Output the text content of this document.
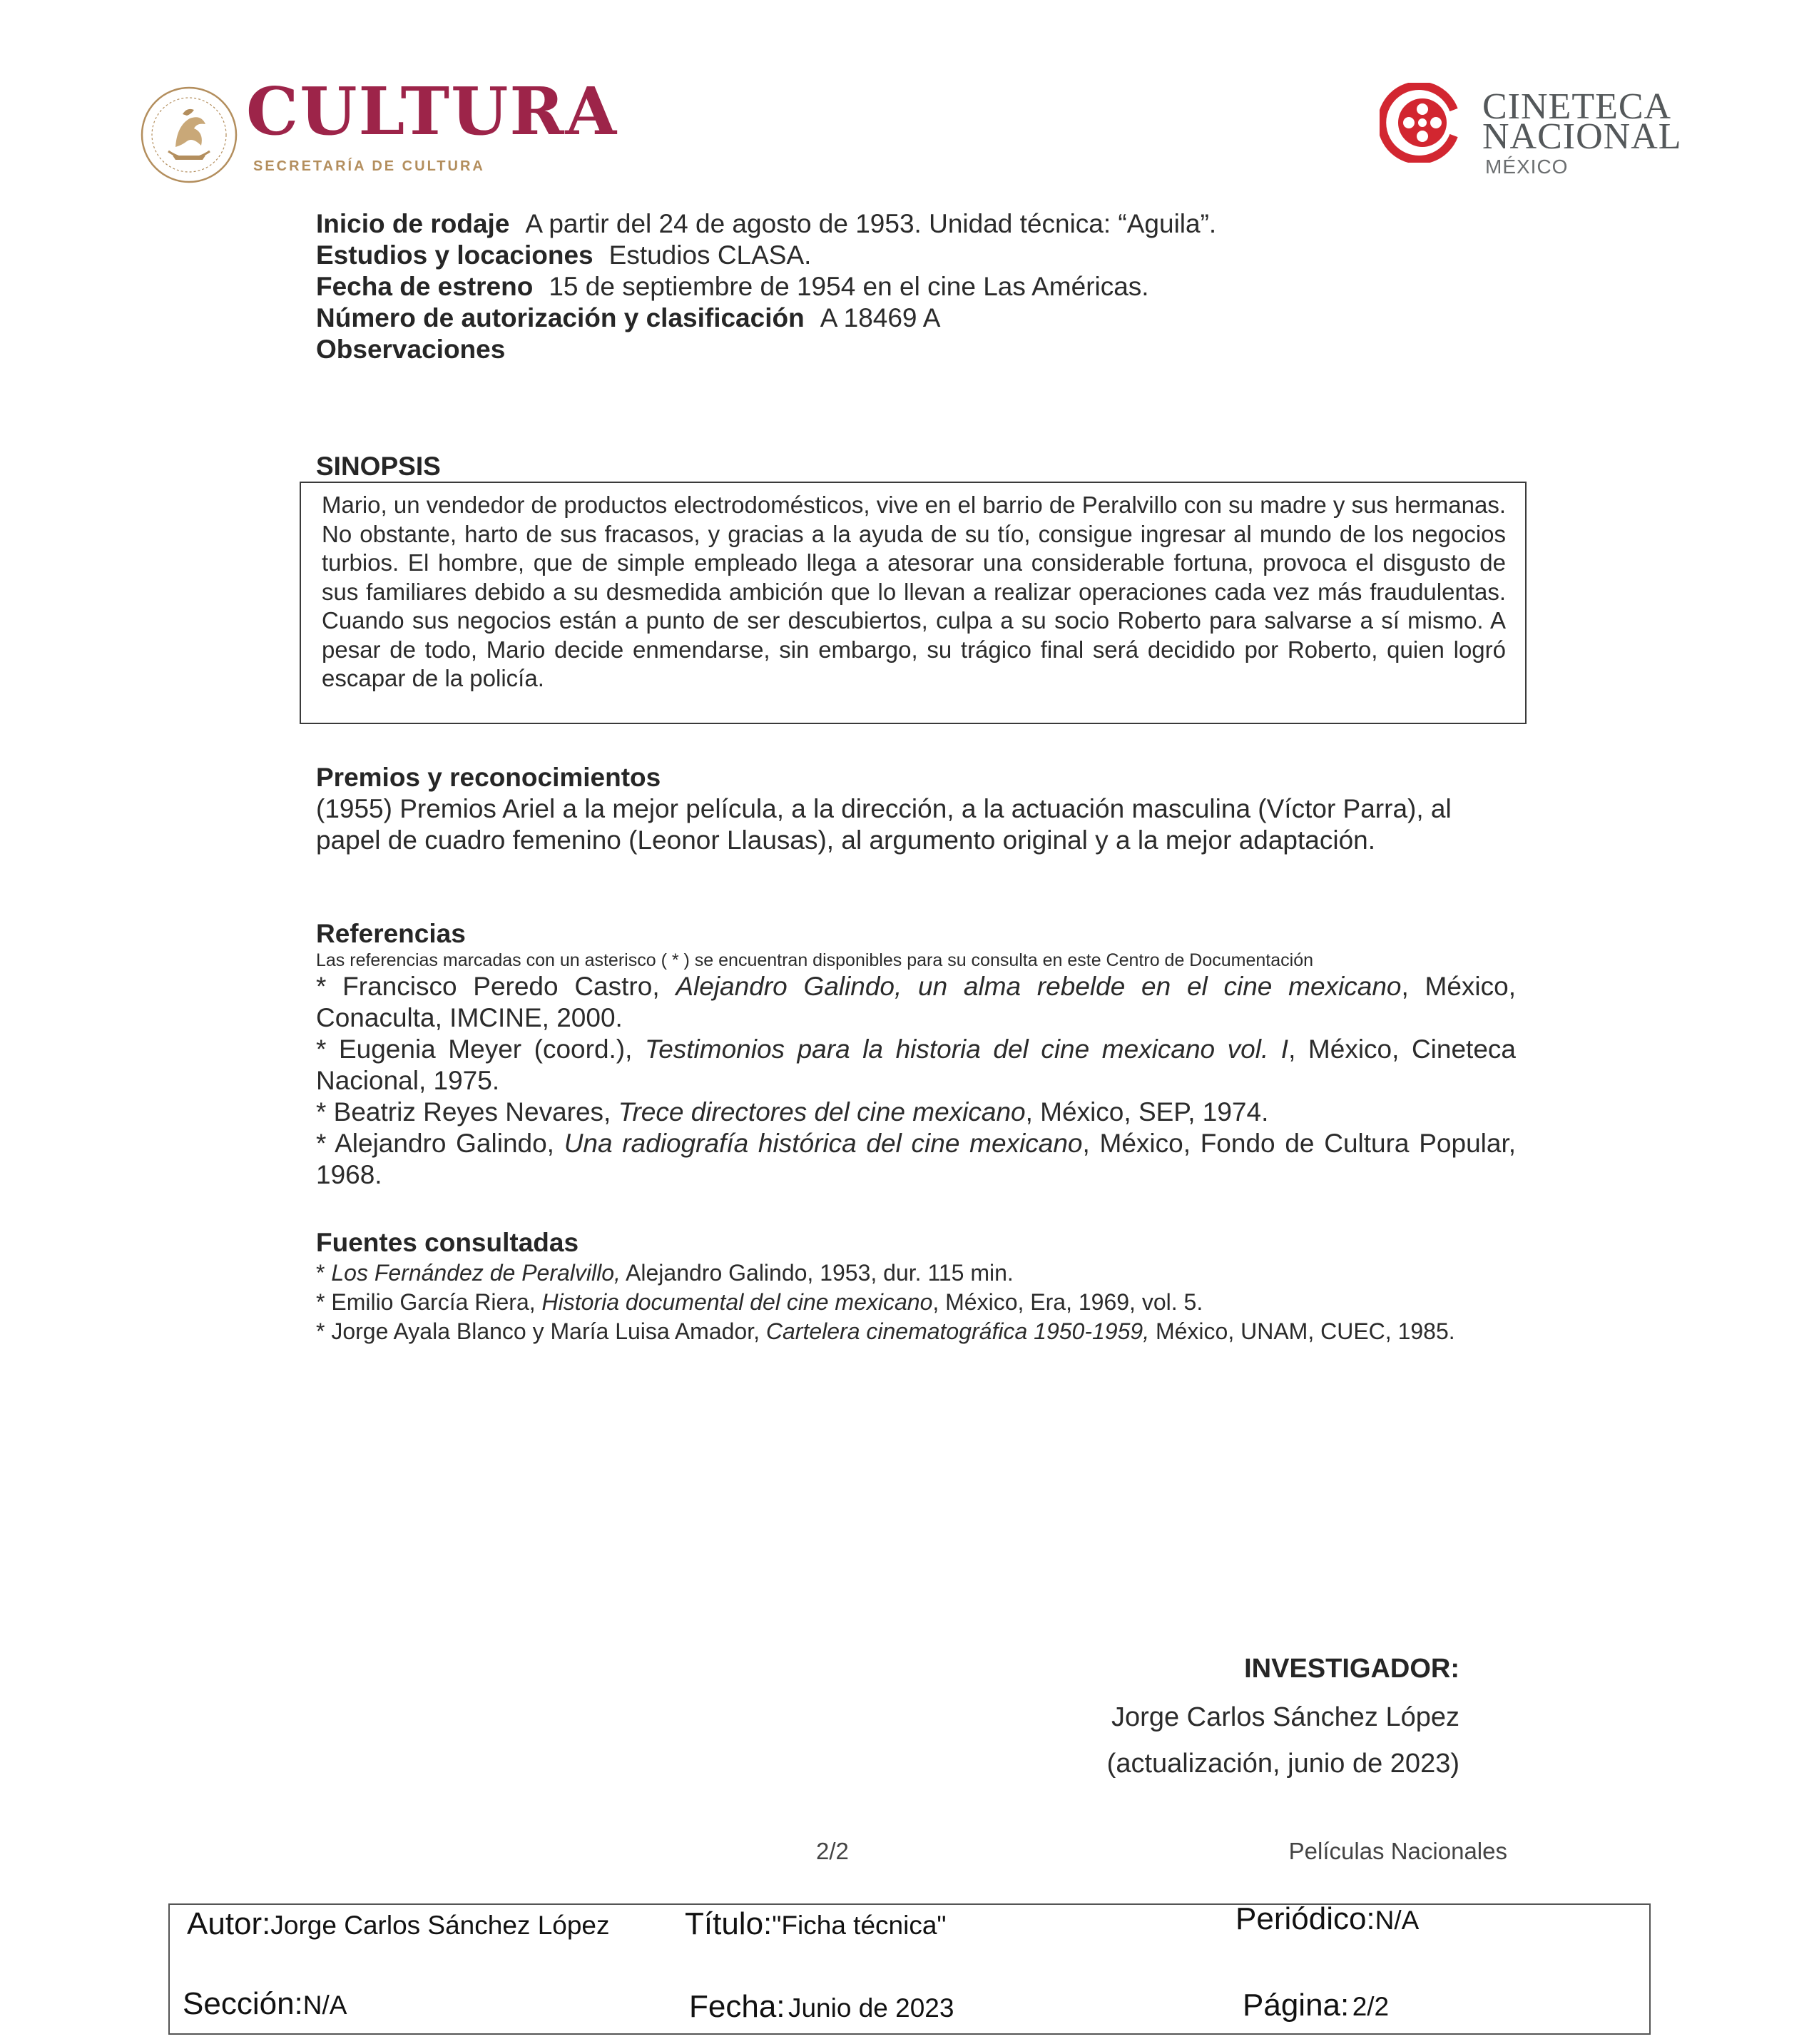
CULTURA
SECRETARÍA DE CULTURA
CINETECA
NACIONAL
MÉXICO
Inicio de rodaje A partir del 24 de agosto de 1953. Unidad técnica: “Aguila”.
Estudios y locaciones Estudios CLASA.
Fecha de estreno 15 de septiembre de 1954 en el cine Las Américas.
Número de autorización y clasificación A 18469 A
Observaciones
SINOPSIS
Mario, un vendedor de productos electrodomésticos, vive en el barrio de Peralvillo con su madre y sus hermanas. No obstante, harto de sus fracasos, y gracias a la ayuda de su tío, consigue ingresar al mundo de los negocios turbios. El hombre, que de simple empleado llega a atesorar una considerable fortuna, provoca el disgusto de sus familiares debido a su desmedida ambición que lo llevan a realizar operaciones cada vez más fraudulentas. Cuando sus negocios están a punto de ser descubiertos, culpa a su socio Roberto para salvarse a sí mismo. A pesar de todo, Mario decide enmendarse, sin embargo, su trágico final será decidido por Roberto, quien logró escapar de la policía.
Premios y reconocimientos
(1955) Premios Ariel a la mejor película, a la dirección, a la actuación masculina (Víctor Parra), al papel de cuadro femenino (Leonor Llausas), al argumento original y a la mejor adaptación.
Referencias
Las referencias marcadas con un asterisco ( * ) se encuentran disponibles para su consulta en este Centro de Documentación
* Francisco Peredo Castro, Alejandro Galindo, un alma rebelde en el cine mexicano, México, Conaculta, IMCINE, 2000.
* Eugenia Meyer (coord.), Testimonios para la historia del cine mexicano vol. I, México, Cineteca Nacional, 1975.
* Beatriz Reyes Nevares, Trece directores del cine mexicano, México, SEP, 1974.
* Alejandro Galindo, Una radiografía histórica del cine mexicano, México, Fondo de Cultura Popular, 1968.
Fuentes consultadas
* Los Fernández de Peralvillo, Alejandro Galindo, 1953, dur. 115 min.
* Emilio García Riera, Historia documental del cine mexicano, México, Era, 1969, vol. 5.
* Jorge Ayala Blanco y María Luisa Amador, Cartelera cinematográfica 1950-1959, México, UNAM, CUEC, 1985.
INVESTIGADOR:
Jorge Carlos Sánchez López
(actualización, junio de 2023)
2/2	Películas Nacionales
Autor:Jorge Carlos Sánchez López Título:"Ficha técnica"	Periódico:N/A
Sección:N/A	Fecha: Junio de 2023	Página: 2/2
